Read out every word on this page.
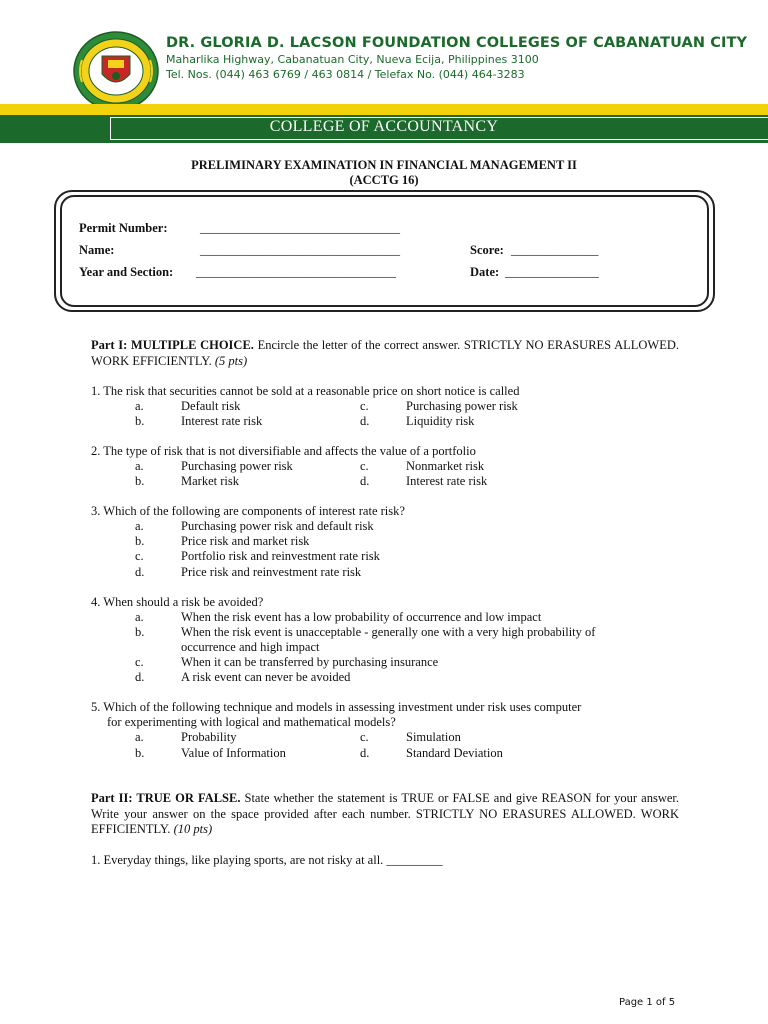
DR. GLORIA D. LACSON FOUNDATION COLLEGES OF CABANATUAN CITY
Maharlika Highway, Cabanatuan City, Nueva Ecija, Philippines 3100
Tel. Nos. (044) 463 6769 / 463 0814 / Telefax No. (044) 464-3283
COLLEGE OF ACCOUNTANCY
PRELIMINARY EXAMINATION IN FINANCIAL MANAGEMENT II
(ACCTG 16)
Permit Number:	________________________________
Name:	________________________________
Year and Section: ________________________________
Score: ______________
Date: _______________
Part I: MULTIPLE CHOICE. Encircle the letter of the correct answer. STRICTLY NO ERASURES ALLOWED. WORK EFFICIENTLY. (5 pts)
1. The risk that securities cannot be sold at a reasonable price on short notice is called
a.	Default risk	c.	Purchasing power risk
b.	Interest rate risk	d.	Liquidity risk
2. The type of risk that is not diversifiable and affects the value of a portfolio
a.	Purchasing power risk	c.	Nonmarket risk
b.	Market risk	d.	Interest rate risk
3. Which of the following are components of interest rate risk?
a.	Purchasing power risk and default risk
b.	Price risk and market risk
c.	Portfolio risk and reinvestment rate risk
d.	Price risk and reinvestment rate risk
4. When should a risk be avoided?
a.	When the risk event has a low probability of occurrence and low impact
b.	When the risk event is unacceptable - generally one with a very high probability of
occurrence and high impact
c.	When it can be transferred by purchasing insurance
d.	A risk event can never be avoided
5. Which of the following technique and models in assessing investment under risk uses computer
for experimenting with logical and mathematical models?
a.	Probability	c.	Simulation
b.	Value of Information	d.	Standard Deviation
Part II: TRUE OR FALSE. State whether the statement is TRUE or FALSE and give REASON for your answer. Write your answer on the space provided after each number. STRICTLY NO ERASURES ALLOWED. WORK EFFICIENTLY. (10 pts)
1. Everyday things, like playing sports, are not risky at all. _________
Page 1 of 5
